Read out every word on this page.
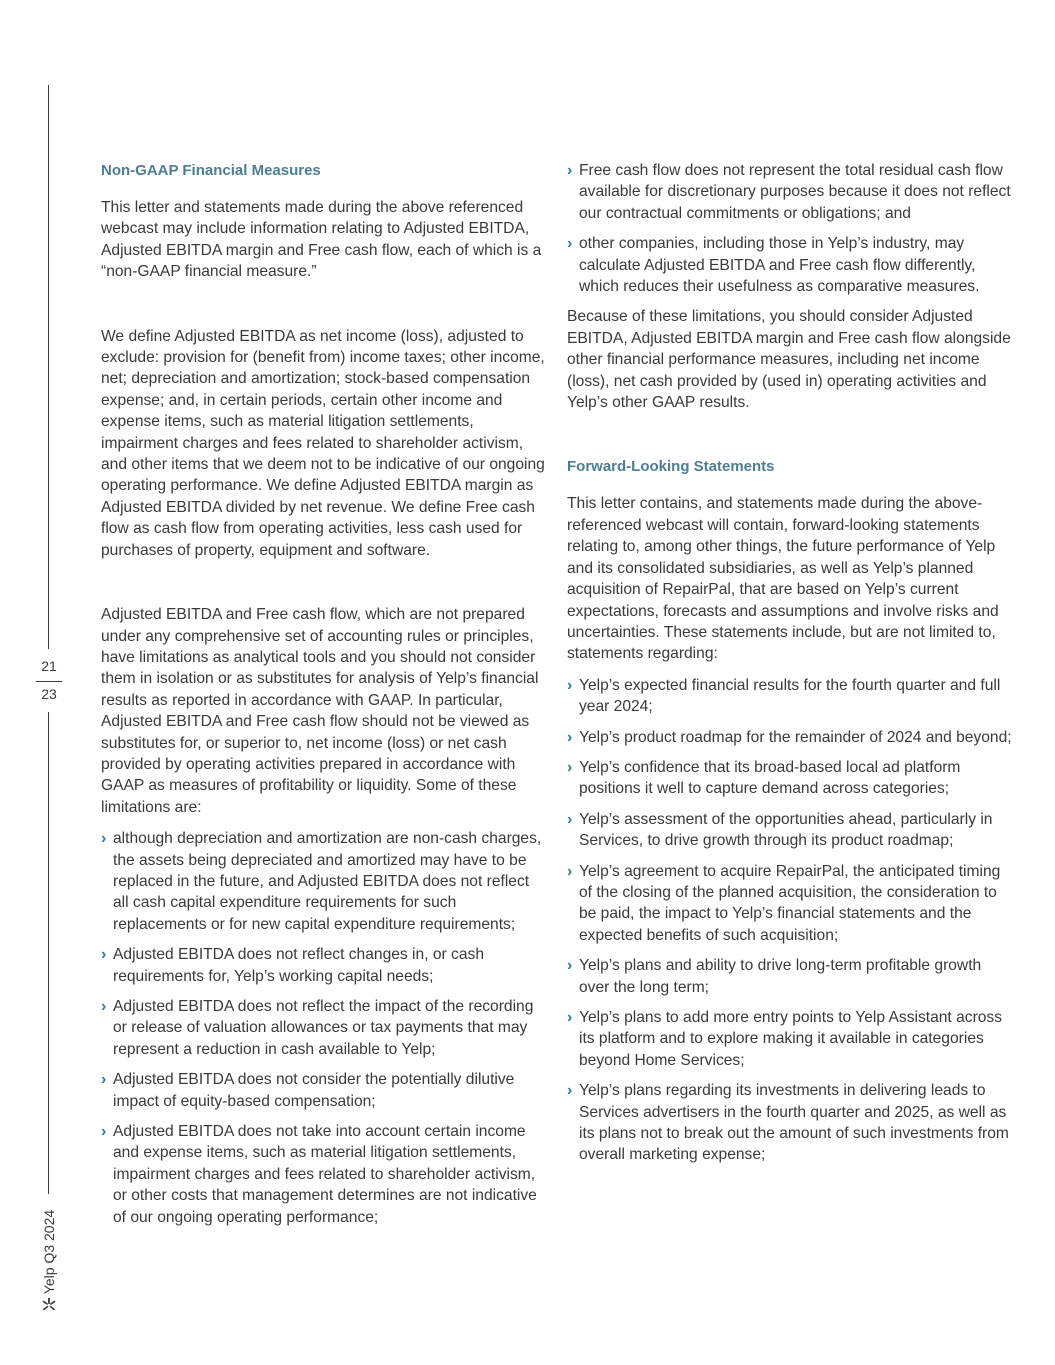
21
23
Yelp Q3 2024
Non-GAAP Financial Measures

This letter and statements made during the above referenced webcast may include information relating to Adjusted EBITDA, Adjusted EBITDA margin and Free cash flow, each of which is a “non-GAAP financial measure.”

We define Adjusted EBITDA as net income (loss), adjusted to exclude: provision for (benefit from) income taxes; other income, net; depreciation and amortization; stock-based compensation expense; and, in certain periods, certain other income and expense items, such as material litigation settlements, impairment charges and fees related to shareholder activism, and other items that we deem not to be indicative of our ongoing operating performance. We define Adjusted EBITDA margin as Adjusted EBITDA divided by net revenue. We define Free cash flow as cash flow from operating activities, less cash used for purchases of property, equipment and software.

Adjusted EBITDA and Free cash flow, which are not prepared under any comprehensive set of accounting rules or principles, have limitations as analytical tools and you should not consider them in isolation or as substitutes for analysis of Yelp’s financial results as reported in accordance with GAAP. In particular, Adjusted EBITDA and Free cash flow should not be viewed as substitutes for, or superior to, net income (loss) or net cash provided by operating activities prepared in accordance with GAAP as measures of profitability or liquidity. Some of these limitations are:

› although depreciation and amortization are non-cash charges, the assets being depreciated and amortized may have to be replaced in the future, and Adjusted EBITDA does not reflect all cash capital expenditure requirements for such replacements or for new capital expenditure requirements;
› Adjusted EBITDA does not reflect changes in, or cash requirements for, Yelp’s working capital needs;
› Adjusted EBITDA does not reflect the impact of the recording or release of valuation allowances or tax payments that may represent a reduction in cash available to Yelp;
› Adjusted EBITDA does not consider the potentially dilutive impact of equity-based compensation;
› Adjusted EBITDA does not take into account certain income and expense items, such as material litigation settlements, impairment charges and fees related to shareholder activism, or other costs that management determines are not indicative of our ongoing operating performance;
› Free cash flow does not represent the total residual cash flow available for discretionary purposes because it does not reflect our contractual commitments or obligations; and
› other companies, including those in Yelp’s industry, may calculate Adjusted EBITDA and Free cash flow differently, which reduces their usefulness as comparative measures.

Because of these limitations, you should consider Adjusted EBITDA, Adjusted EBITDA margin and Free cash flow alongside other financial performance measures, including net income (loss), net cash provided by (used in) operating activities and Yelp’s other GAAP results.

Forward-Looking Statements

This letter contains, and statements made during the above-referenced webcast will contain, forward-looking statements relating to, among other things, the future performance of Yelp and its consolidated subsidiaries, as well as Yelp’s planned acquisition of RepairPal, that are based on Yelp’s current expectations, forecasts and assumptions and involve risks and uncertainties. These statements include, but are not limited to, statements regarding:

› Yelp’s expected financial results for the fourth quarter and full year 2024;
› Yelp’s product roadmap for the remainder of 2024 and beyond;
› Yelp’s confidence that its broad-based local ad platform positions it well to capture demand across categories;
› Yelp’s assessment of the opportunities ahead, particularly in Services, to drive growth through its product roadmap;
› Yelp’s agreement to acquire RepairPal, the anticipated timing of the closing of the planned acquisition, the consideration to be paid, the impact to Yelp’s financial statements and the expected benefits of such acquisition;
› Yelp’s plans and ability to drive long-term profitable growth over the long term;
› Yelp’s plans to add more entry points to Yelp Assistant across its platform and to explore making it available in categories beyond Home Services;
› Yelp’s plans regarding its investments in delivering leads to Services advertisers in the fourth quarter and 2025, as well as its plans not to break out the amount of such investments from overall marketing expense;
